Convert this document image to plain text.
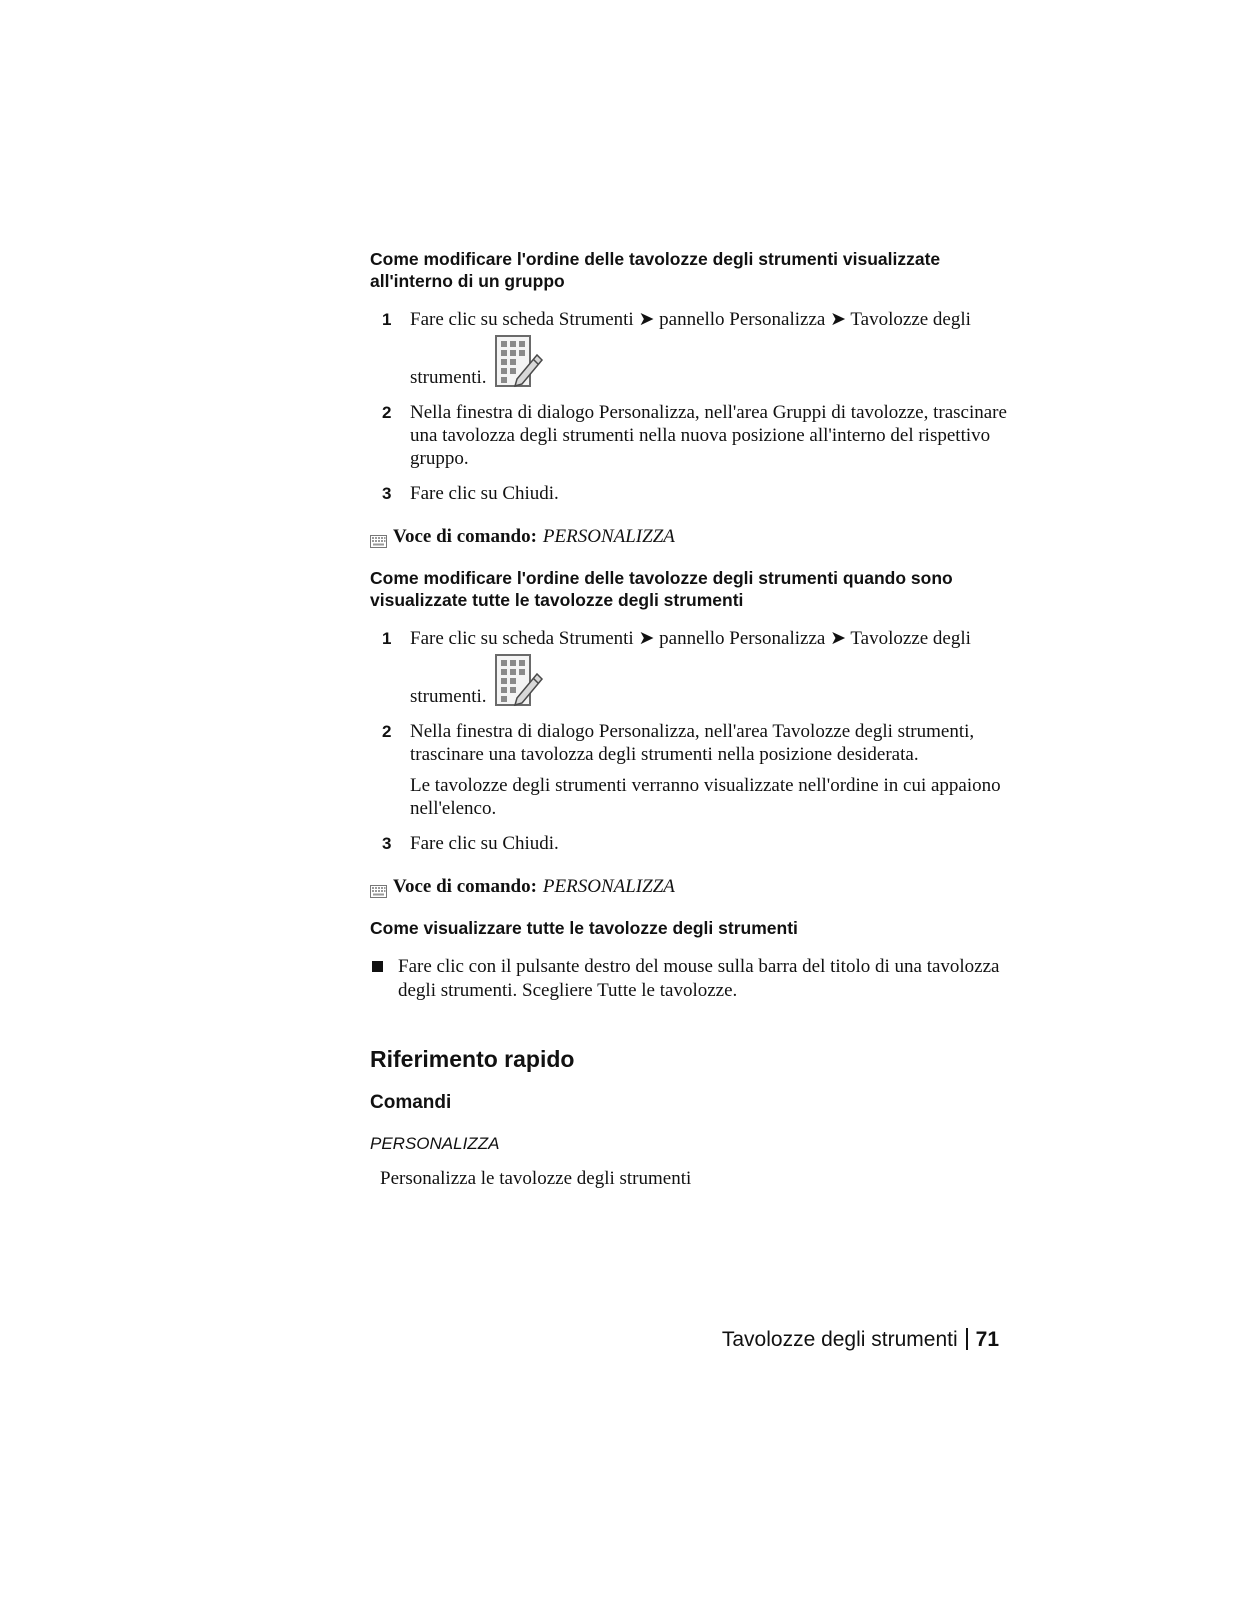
Come modificare l'ordine delle tavolozze degli strumenti visualizzate all'interno di un gruppo
1 Fare clic su scheda Strumenti ➤ pannello Personalizza ➤ Tavolozze degli
strumenti.
2 Nella finestra di dialogo Personalizza, nell'area Gruppi di tavolozze, trascinare una tavolozza degli strumenti nella nuova posizione all'interno del rispettivo gruppo.
3 Fare clic su Chiudi.
Voce di comando: PERSONALIZZA
Come modificare l'ordine delle tavolozze degli strumenti quando sono visualizzate tutte le tavolozze degli strumenti
1 Fare clic su scheda Strumenti ➤ pannello Personalizza ➤ Tavolozze degli
strumenti.
2 Nella finestra di dialogo Personalizza, nell'area Tavolozze degli strumenti, trascinare una tavolozza degli strumenti nella posizione desiderata.

Le tavolozze degli strumenti verranno visualizzate nell'ordine in cui appaiono nell'elenco.

3 Fare clic su Chiudi.
Voce di comando: PERSONALIZZA
Come visualizzare tutte le tavolozze degli strumenti
Fare clic con il pulsante destro del mouse sulla barra del titolo di una tavolozza degli strumenti. Scegliere Tutte le tavolozze.
Riferimento rapido
Comandi
PERSONALIZZA
Personalizza le tavolozze degli strumenti
Tavolozze degli strumenti 71
